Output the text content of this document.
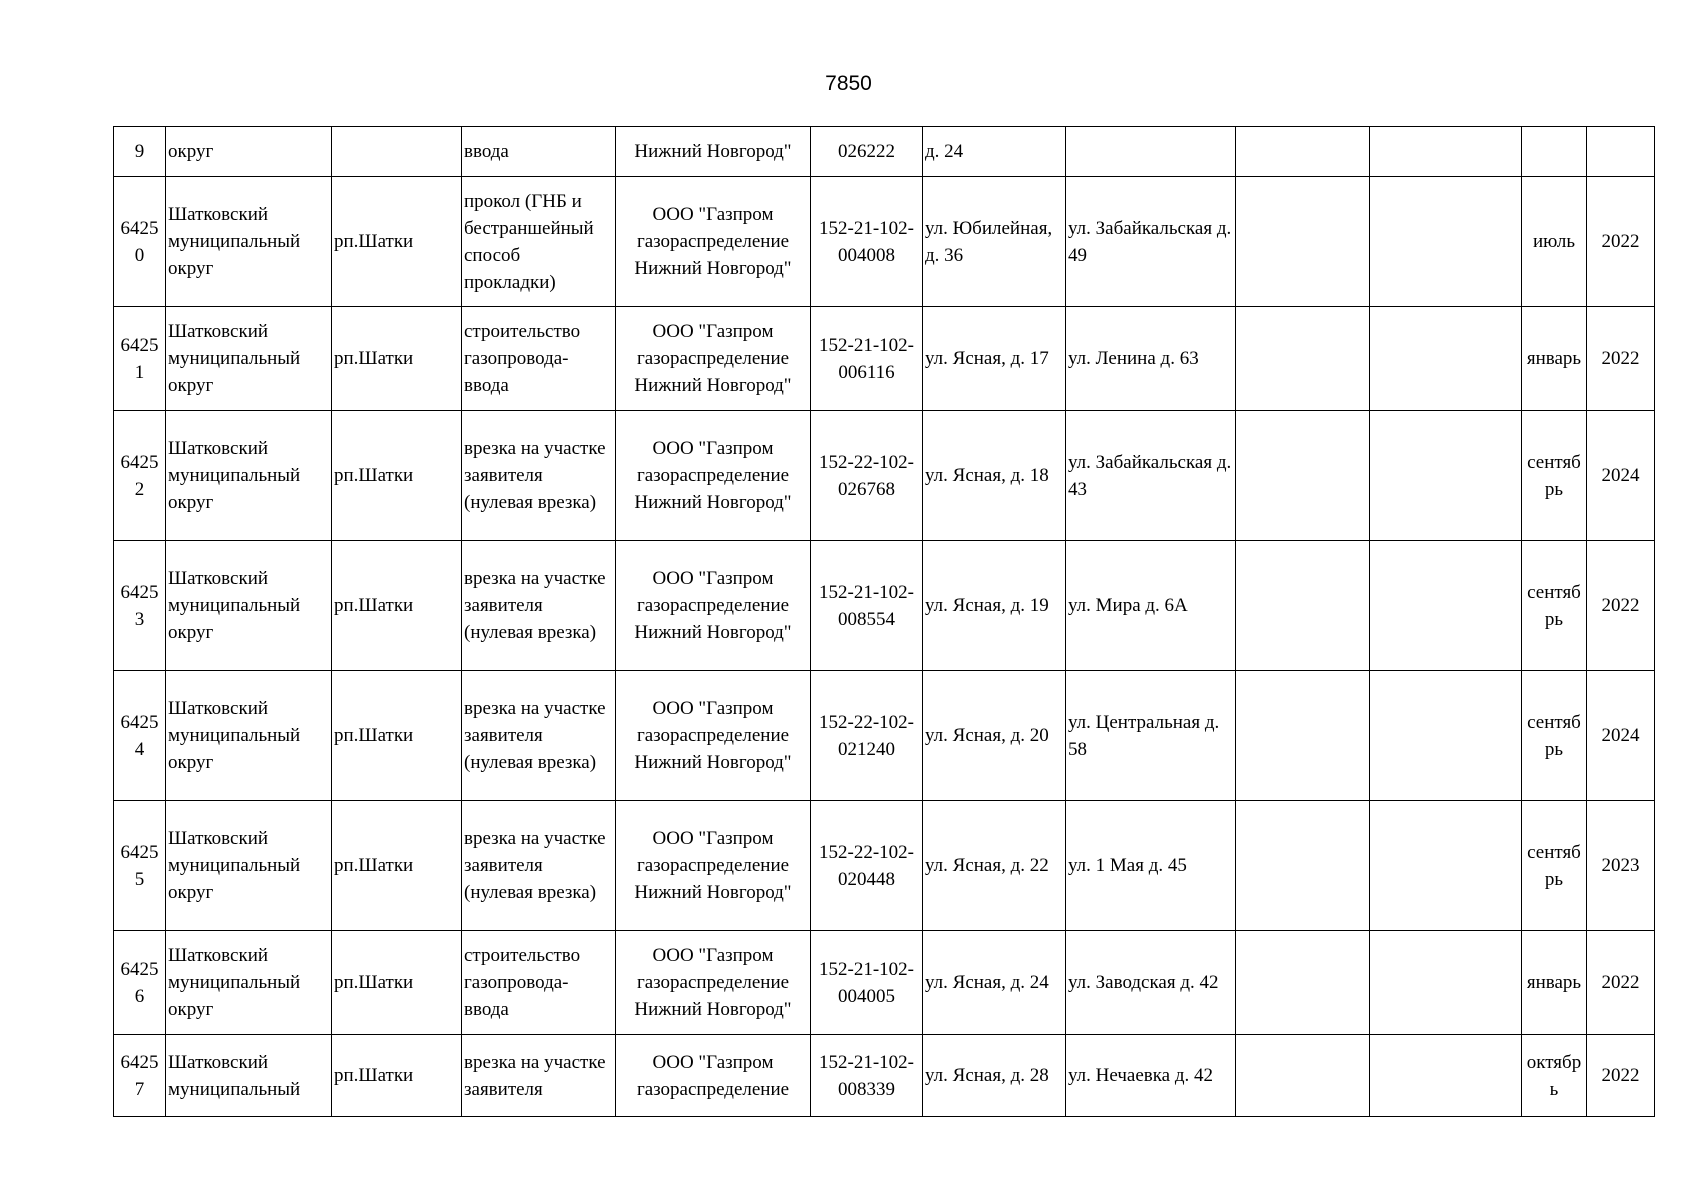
7850
9	округ		ввода	Нижний Новгород"	026222	д. 24					
64250	Шатковский муниципальный округ	рп.Шатки	прокол (ГНБ и бестраншейный способ прокладки)	ООО "Газпром газораспределение Нижний Новгород"	152-21-102-004008	ул. Юбилейная, д. 36	ул. Забайкальская д. 49			июль	2022
64251	Шатковский муниципальный округ	рп.Шатки	строительство газопровода-ввода	ООО "Газпром газораспределение Нижний Новгород"	152-21-102-006116	ул. Ясная, д. 17	ул. Ленина д. 63			январь	2022
64252	Шатковский муниципальный округ	рп.Шатки	врезка на участке заявителя (нулевая врезка)	ООО "Газпром газораспределение Нижний Новгород"	152-22-102-026768	ул. Ясная, д. 18	ул. Забайкальская д. 43			сентябрь	2024
64253	Шатковский муниципальный округ	рп.Шатки	врезка на участке заявителя (нулевая врезка)	ООО "Газпром газораспределение Нижний Новгород"	152-21-102-008554	ул. Ясная, д. 19	ул. Мира д. 6А			сентябрь	2022
64254	Шатковский муниципальный округ	рп.Шатки	врезка на участке заявителя (нулевая врезка)	ООО "Газпром газораспределение Нижний Новгород"	152-22-102-021240	ул. Ясная, д. 20	ул. Центральная д. 58			сентябрь	2024
64255	Шатковский муниципальный округ	рп.Шатки	врезка на участке заявителя (нулевая врезка)	ООО "Газпром газораспределение Нижний Новгород"	152-22-102-020448	ул. Ясная, д. 22	ул. 1 Мая д. 45			сентябрь	2023
64256	Шатковский муниципальный округ	рп.Шатки	строительство газопровода-ввода	ООО "Газпром газораспределение Нижний Новгород"	152-21-102-004005	ул. Ясная, д. 24	ул. Заводская д. 42			январь	2022
64257	Шатковский муниципальный	рп.Шатки	врезка на участке заявителя	ООО "Газпром газораспределение	152-21-102-008339	ул. Ясная, д. 28	ул. Нечаевка д. 42			октябрь	2022
